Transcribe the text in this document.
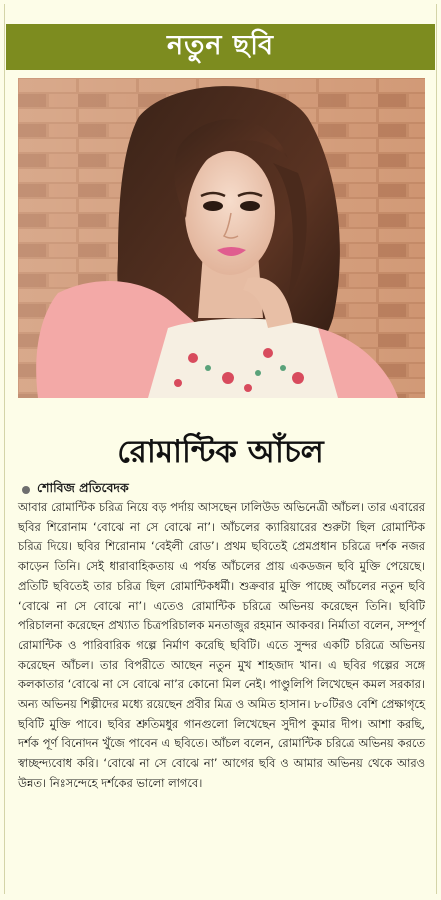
নতুন ছবি
রোমান্টিক আঁচল
শোবিজ প্রতিবেদক

আবার রোমান্টিক চরিত্র নিয়ে বড় পর্দায় আসছেন ঢালিউড অভিনেত্রী আঁচল। তার এবারের ছবির শিরোনাম ‘বোঝে না সে বোঝে না’। আঁচলের ক্যারিয়ারের শুরুটা ছিল রোমান্টিক চরিত্র দিয়ে। ছবির শিরোনাম ‘বেইলী রোড’। প্রথম ছবিতেই প্রেমপ্রধান চরিত্রে দর্শক নজর কাড়েন তিনি। সেই ধারাবাহিকতায় এ পর্যন্ত আঁচলের প্রায় একডজন ছবি মুক্তি পেয়েছে। প্রতিটি ছবিতেই তার চরিত্র ছিল রোমান্টিকধর্মী। শুক্রবার মুক্তি পাচ্ছে আঁচলের নতুন ছবি ‘বোঝে না সে বোঝে না’। এতেও রোমান্টিক চরিত্রে অভিনয় করেছেন তিনি। ছবিটি পরিচালনা করেছেন প্রখ্যাত চিত্রপরিচালক মনতাজুর রহমান আকবর। নির্মাতা বলেন, সম্পূর্ণ রোমান্টিক ও পারিবারিক গল্পে নির্মাণ করেছি ছবিটি। এতে সুন্দর একটি চরিত্রে অভিনয় করেছেন আঁচল। তার বিপরীতে আছেন নতুন মুখ শাহজাদ খান। এ ছবির গল্পের সঙ্গে কলকাতার ‘বোঝে না সে বোঝে না’র কোনো মিল নেই। পাণ্ডুলিপি লিখেছেন কমল সরকার। অন্য অভিনয় শিল্পীদের মধ্যে রয়েছেন প্রবীর মিত্র ও অমিত হাসান। ৮০টিরও বেশি প্রেক্ষাগৃহে ছবিটি মুক্তি পাবে। ছবির শ্রুতিমধুর গানগুলো লিখেছেন সুদীপ কুমার দীপ। আশা করছি, দর্শক পূর্ণ বিনোদন খুঁজে পাবেন এ ছবিতে। আঁচল বলেন, রোমান্টিক চরিত্রে অভিনয় করতে স্বাচ্ছন্দ্যবোধ করি। ‘বোঝে না সে বোঝে না’ আগের ছবি ও আমার অভিনয় থেকে আরও উন্নত। নিঃসন্দেহে দর্শকের ভালো লাগবে।
